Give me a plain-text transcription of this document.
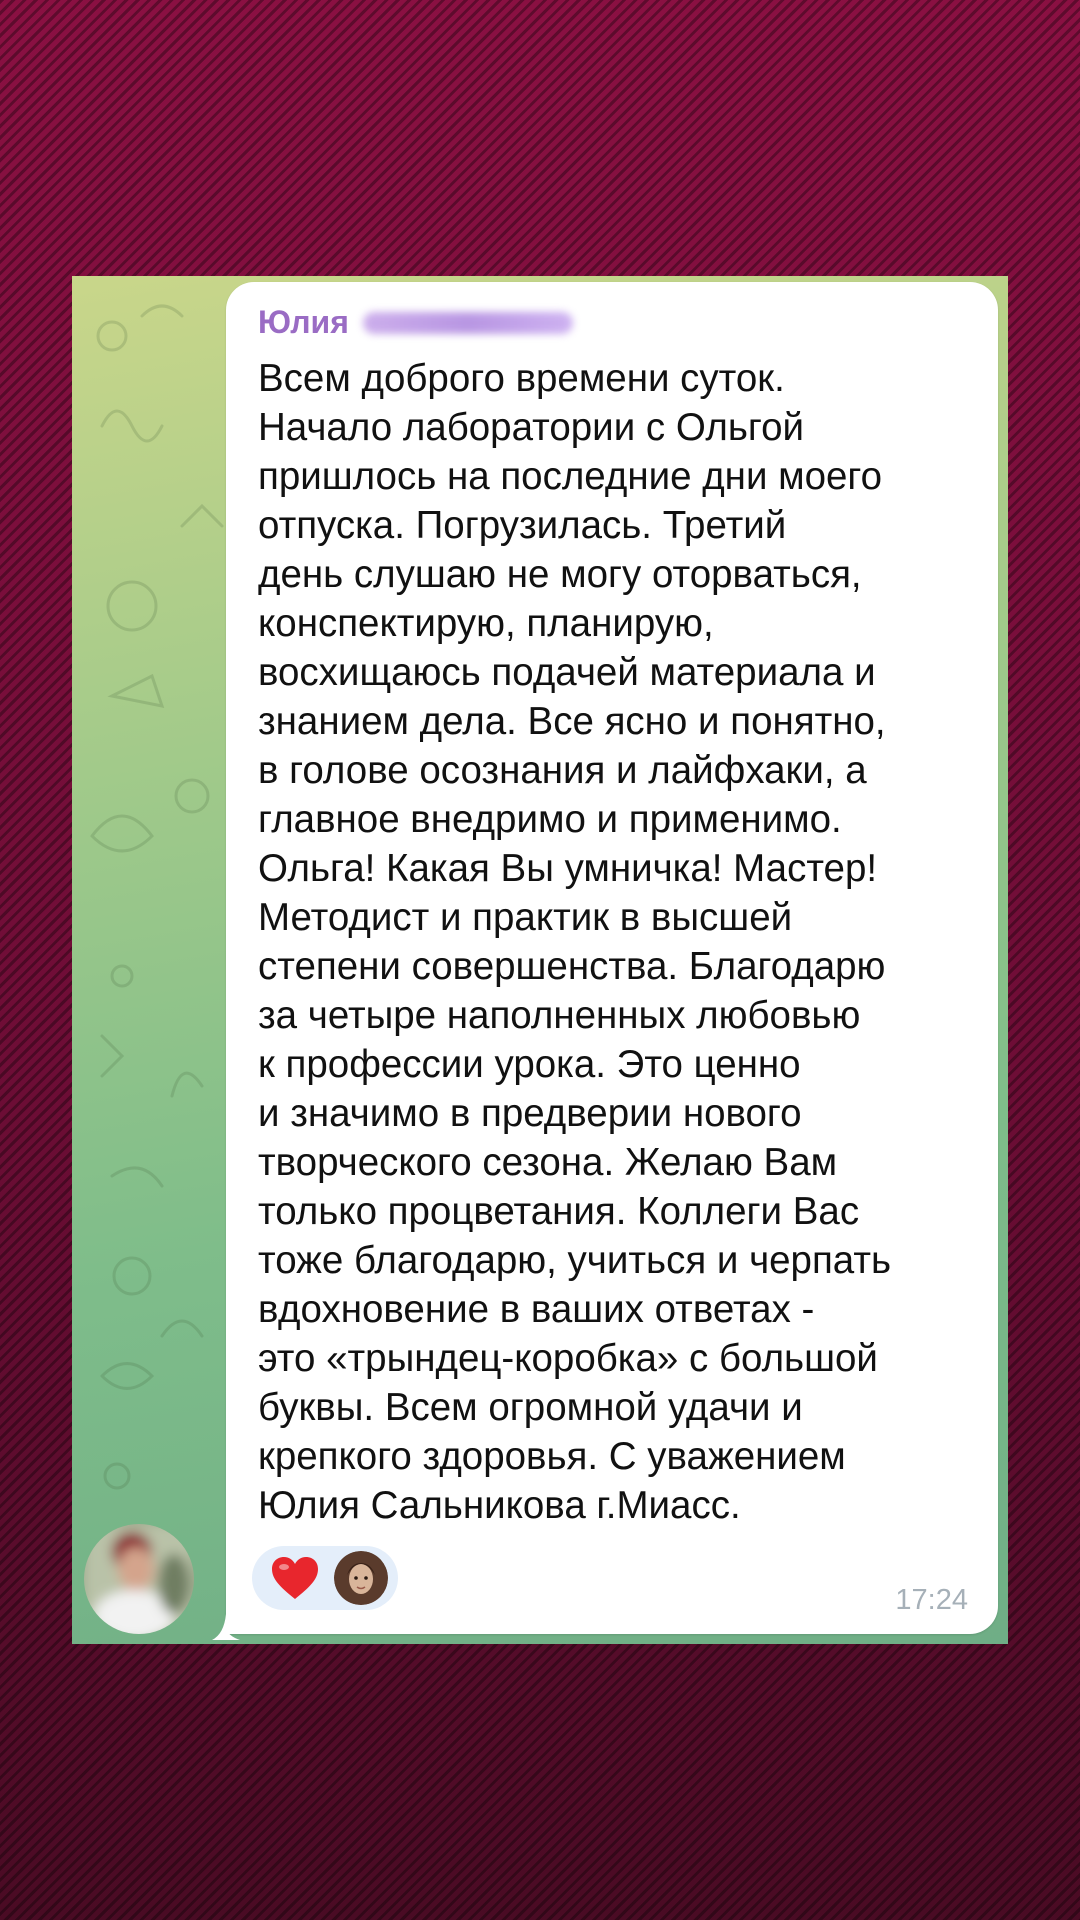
Юлия
Всем доброго времени суток.
Начало лаборатории с Ольгой
пришлось на последние дни моего
отпуска. Погрузилась. Третий
день слушаю не могу оторваться,
конспектирую, планирую,
восхищаюсь подачей материала и
знанием дела. Все ясно и понятно,
в голове осознания и лайфхаки, а
главное внедримо и применимо.
Ольга! Какая Вы умничка! Мастер!
Методист и практик в высшей
степени совершенства. Благодарю
за четыре наполненных любовью
к профессии урока. Это ценно
и значимо в предверии нового
творческого сезона. Желаю Вам
только процветания. Коллеги Вас
тоже благодарю, учиться и черпать
вдохновение в ваших ответах -
это «трындец-коробка» с большой
буквы. Всем огромной удачи и
крепкого здоровья. С уважением
Юлия Сальникова г.Миасс.
17:24
